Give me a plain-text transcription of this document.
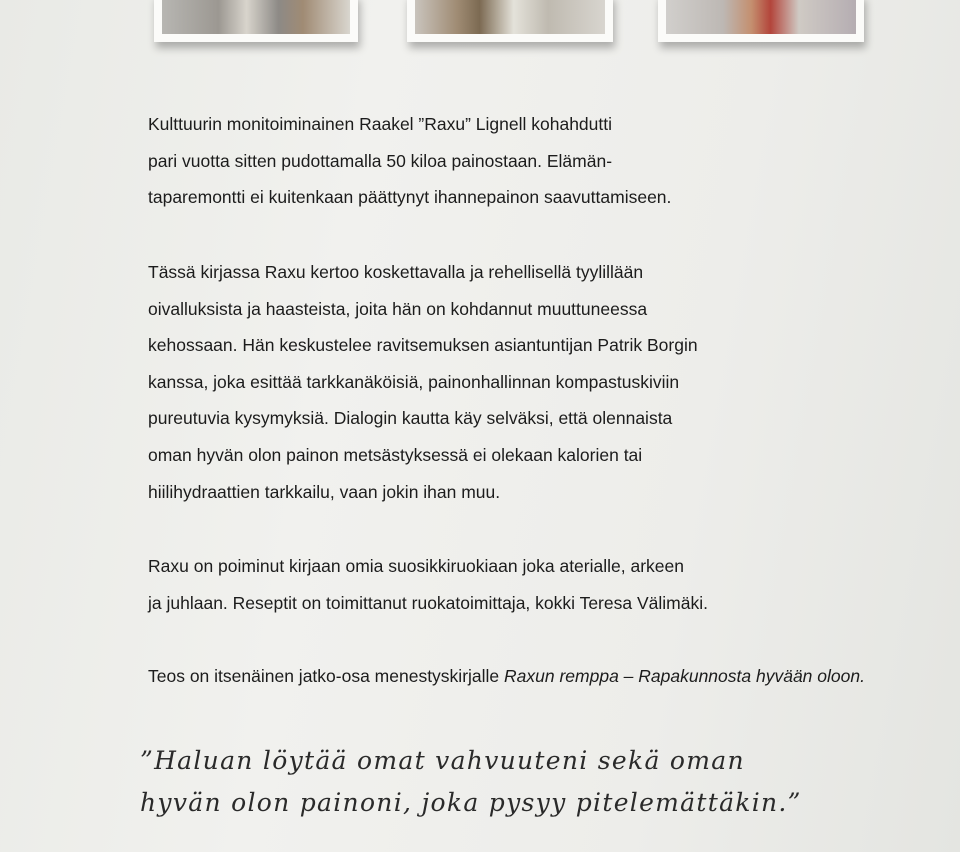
Kulttuurin monitoiminainen Raakel ”Raxu” Lignell kohahdutti
pari vuotta sitten pudottamalla 50 kiloa painostaan. Elämän-
taparemontti ei kuitenkaan päättynyt ihannepainon saavuttamiseen.

Tässä kirjassa Raxu kertoo koskettavalla ja rehellisellä tyylillään
oivalluksista ja haasteista, joita hän on kohdannut muuttuneessa
kehossaan. Hän keskustelee ravitsemuksen asiantuntijan Patrik Borgin
kanssa, joka esittää tarkkanäköisiä, painonhallinnan kompastuskiviin
pureutuvia kysymyksiä. Dialogin kautta käy selväksi, että olennaista
oman hyvän olon painon metsästyksessä ei olekaan kalorien tai
hiilihydraattien tarkkailu, vaan jokin ihan muu.

Raxu on poiminut kirjaan omia suosikkiruokiaan joka aterialle, arkeen
ja juhlaan. Reseptit on toimittanut ruokatoimittaja, kokki Teresa Välimäki.

Teos on itsenäinen jatko-osa menestyskirjalle Raxun remppa – Rapakunnosta hyvään oloon.

”Haluan löytää omat vahvuuteni sekä oman
hyvän olon painoni, joka pysyy pitelemättäkin.”
